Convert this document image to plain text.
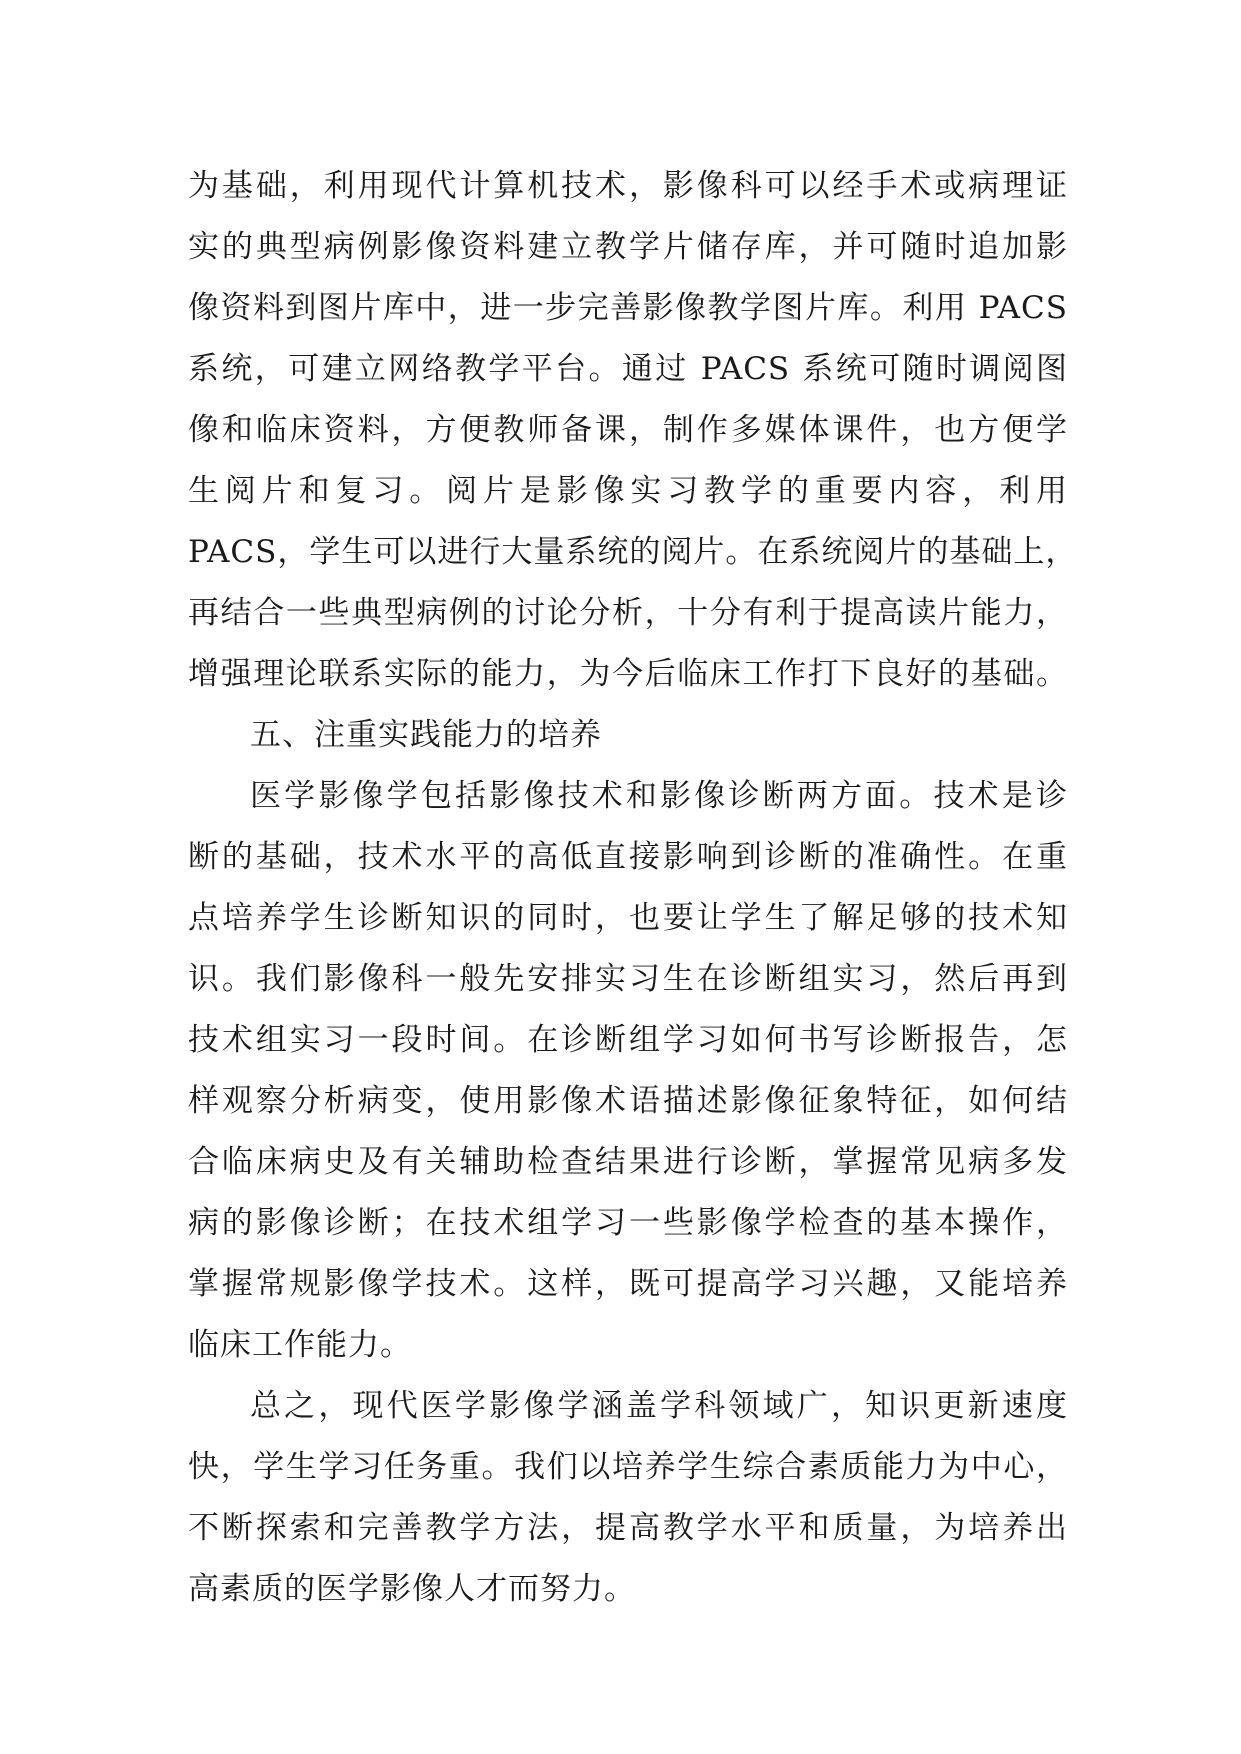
为基础，利用现代计算机技术，影像科可以经手术或病理证
实的典型病例影像资料建立教学片储存库，并可随时追加影
像资料到图片库中，进一步完善影像教学图片库。利用 PACS
系统，可建立网络教学平台。通过 PACS 系统可随时调阅图
像和临床资料，方便教师备课，制作多媒体课件，也方便学
生阅片和复习。阅片是影像实习教学的重要内容，利用
PACS，学生可以进行大量系统的阅片。在系统阅片的基础上，
再结合一些典型病例的讨论分析，十分有利于提高读片能力，
增强理论联系实际的能力，为今后临床工作打下良好的基础。
五、注重实践能力的培养
医学影像学包括影像技术和影像诊断两方面。技术是诊
断的基础，技术水平的高低直接影响到诊断的准确性。在重
点培养学生诊断知识的同时，也要让学生了解足够的技术知
识。我们影像科一般先安排实习生在诊断组实习，然后再到
技术组实习一段时间。在诊断组学习如何书写诊断报告，怎
样观察分析病变，使用影像术语描述影像征象特征，如何结
合临床病史及有关辅助检查结果进行诊断，掌握常见病多发
病的影像诊断；在技术组学习一些影像学检查的基本操作，
掌握常规影像学技术。这样，既可提高学习兴趣，又能培养
临床工作能力。
总之，现代医学影像学涵盖学科领域广，知识更新速度
快，学生学习任务重。我们以培养学生综合素质能力为中心，
不断探索和完善教学方法，提高教学水平和质量，为培养出
高素质的医学影像人才而努力。
